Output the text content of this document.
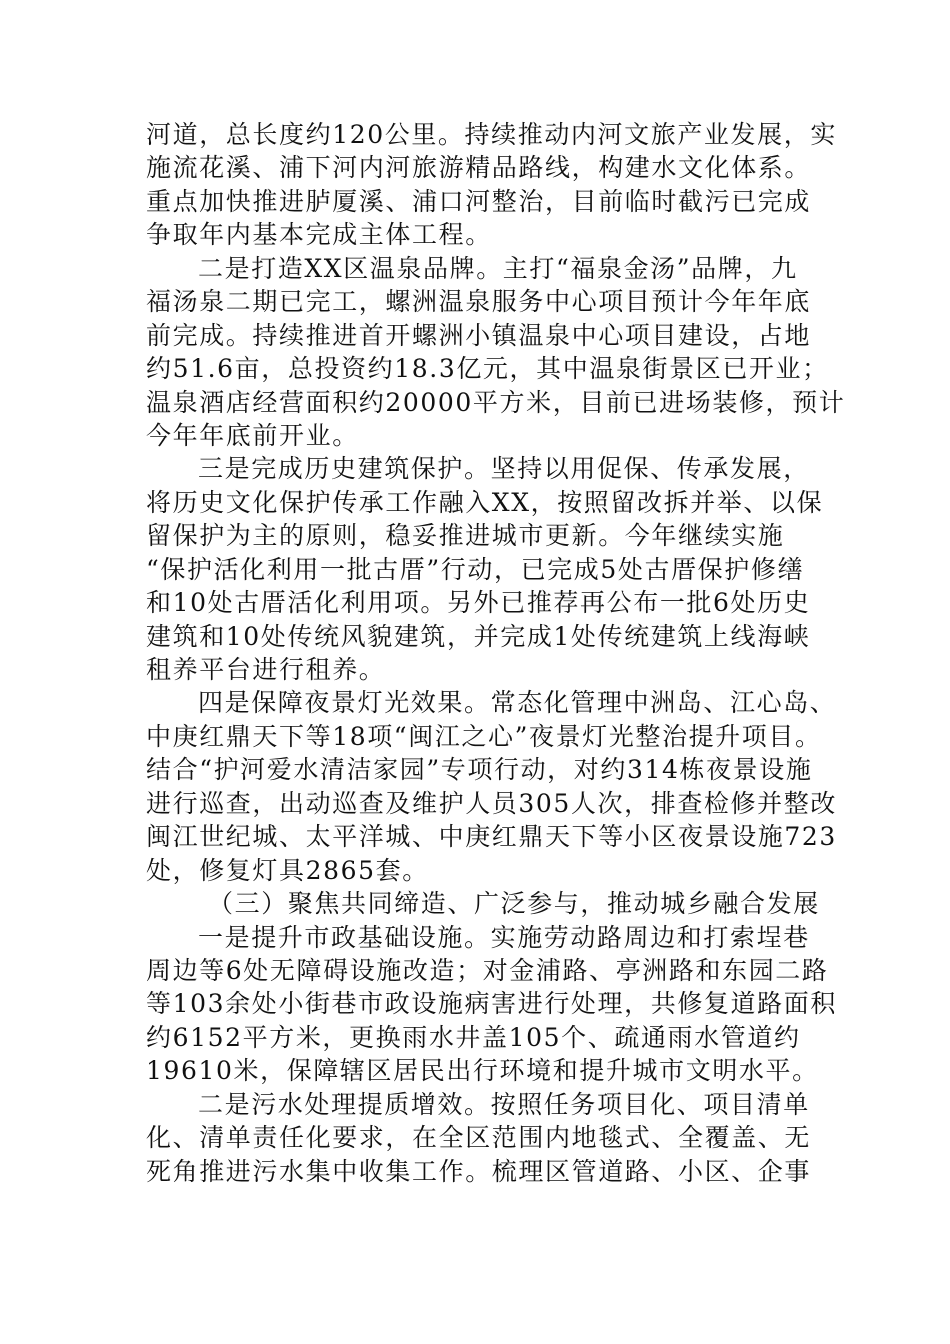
河道，总长度约120公里。持续推动内河文旅产业发展，实
施流花溪、浦下河内河旅游精品路线，构建水文化体系。
重点加快推进胪厦溪、浦口河整治，目前临时截污已完成
争取年内基本完成主体工程。
二是打造XX区温泉品牌。主打“福泉金汤”品牌，九
福汤泉二期已完工，螺洲温泉服务中心项目预计今年年底
前完成。持续推进首开螺洲小镇温泉中心项目建设，占地
约51.6亩，总投资约18.3亿元，其中温泉街景区已开业；
温泉酒店经营面积约20000平方米，目前已进场装修，预计
今年年底前开业。
三是完成历史建筑保护。坚持以用促保、传承发展，
将历史文化保护传承工作融入XX，按照留改拆并举、以保
留保护为主的原则，稳妥推进城市更新。今年继续实施
“保护活化利用一批古厝”行动，已完成5处古厝保护修缮
和10处古厝活化利用项。另外已推荐再公布一批6处历史
建筑和10处传统风貌建筑，并完成1处传统建筑上线海峡
租养平台进行租养。
四是保障夜景灯光效果。常态化管理中洲岛、江心岛、
中庚红鼎天下等18项“闽江之心”夜景灯光整治提升项目。
结合“护河爱水清洁家园”专项行动，对约314栋夜景设施
进行巡查，出动巡查及维护人员305人次，排查检修并整改
闽江世纪城、太平洋城、中庚红鼎天下等小区夜景设施723
处，修复灯具2865套。
（三）聚焦共同缔造、广泛参与，推动城乡融合发展
一是提升市政基础设施。实施劳动路周边和打索埕巷
周边等6处无障碍设施改造；对金浦路、亭洲路和东园二路
等103余处小街巷市政设施病害进行处理，共修复道路面积
约6152平方米，更换雨水井盖105个、疏通雨水管道约
19610米，保障辖区居民出行环境和提升城市文明水平。
二是污水处理提质增效。按照任务项目化、项目清单
化、清单责任化要求，在全区范围内地毯式、全覆盖、无
死角推进污水集中收集工作。梳理区管道路、小区、企事
